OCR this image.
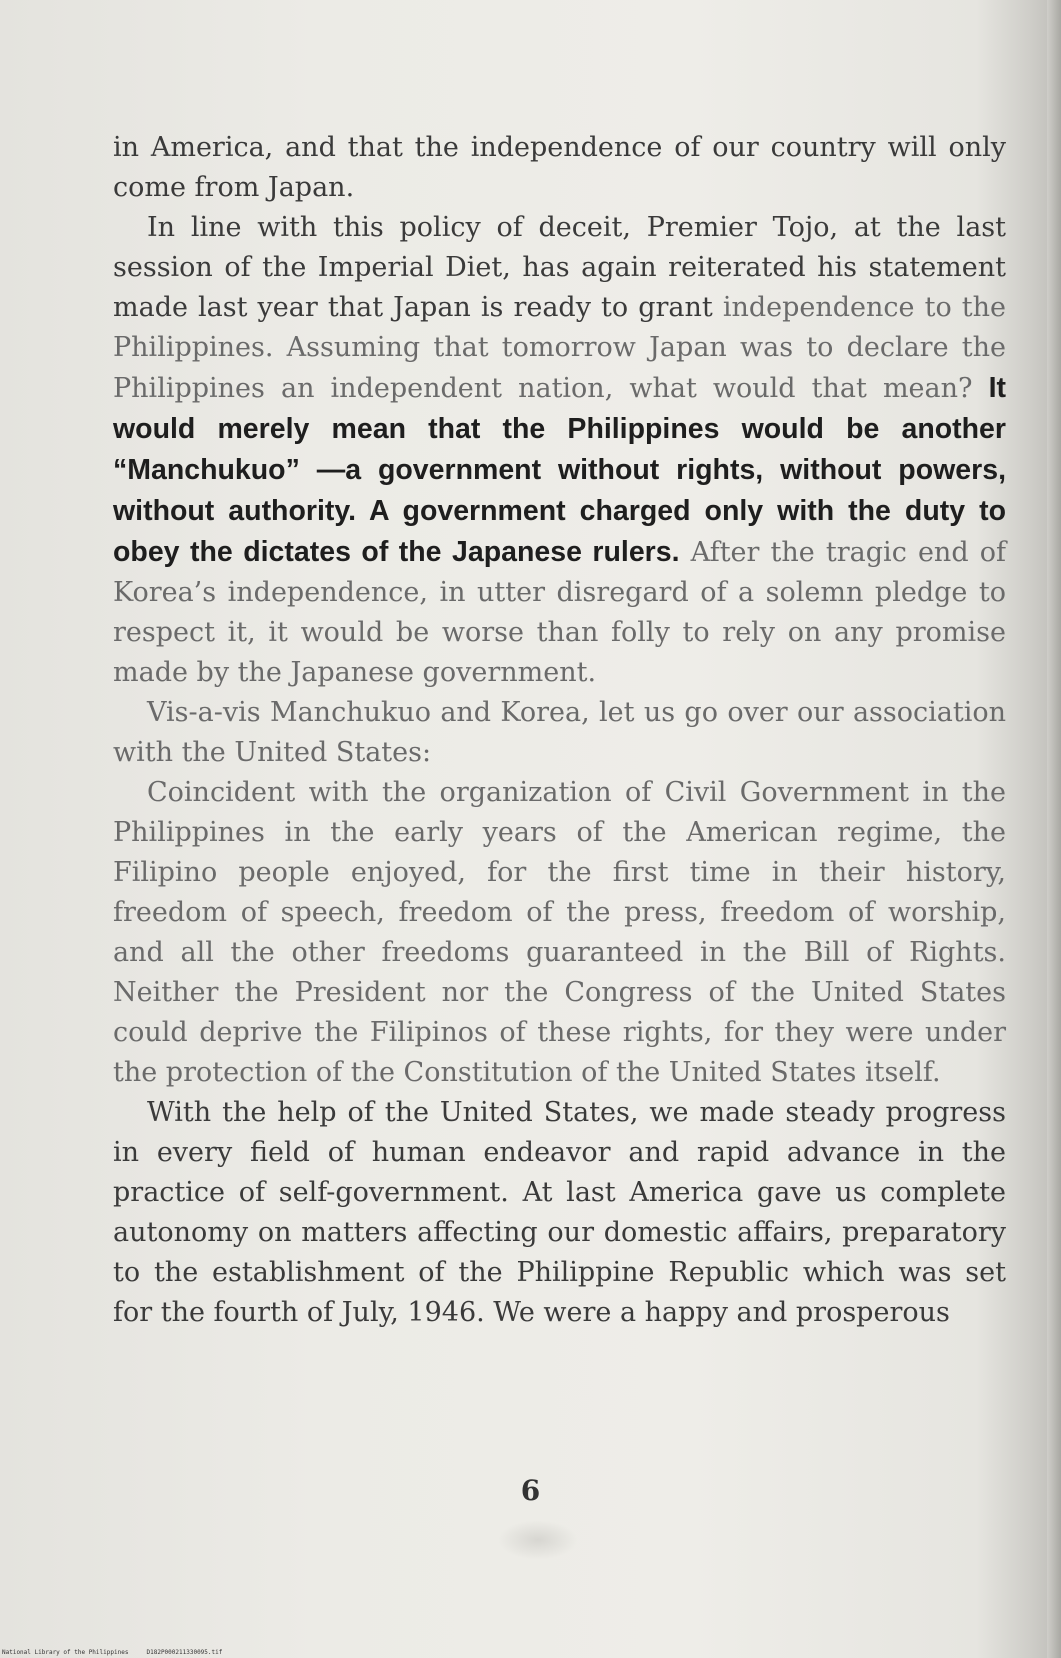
in America, and that the independence of our country will only come from Japan.

In line with this policy of deceit, Premier Tojo, at the last session of the Imperial Diet, has again reiterated his statement made last year that Japan is ready to grant independence to the Philippines. Assuming that tomorrow Japan was to declare the Philippines an independent nation, what would that mean? It would merely mean that the Philippines would be another “Manchukuo” —a government without rights, without powers, without authority. A government charged only with the duty to obey the dictates of the Japanese rulers. After the tragic end of Korea’s independence, in utter disregard of a solemn pledge to respect it, it would be worse than folly to rely on any promise made by the Japanese government.

Vis-a-vis Manchukuo and Korea, let us go over our association with the United States:

Coincident with the organization of Civil Government in the Philippines in the early years of the American regime, the Filipino people enjoyed, for the first time in their history, freedom of speech, freedom of the press, freedom of worship, and all the other freedoms guaranteed in the Bill of Rights. Neither the President nor the Congress of the United States could deprive the Filipinos of these rights, for they were under the protection of the Constitution of the United States itself.

With the help of the United States, we made steady progress in every field of human endeavor and rapid advance in the practice of self-government. At last America gave us complete autonomy on matters affecting our domestic affairs, preparatory to the establishment of the Philippine Republic which was set for the fourth of July, 1946. We were a happy and prosperous

6
National Library of the Philippines     D182P000211330095.tif
